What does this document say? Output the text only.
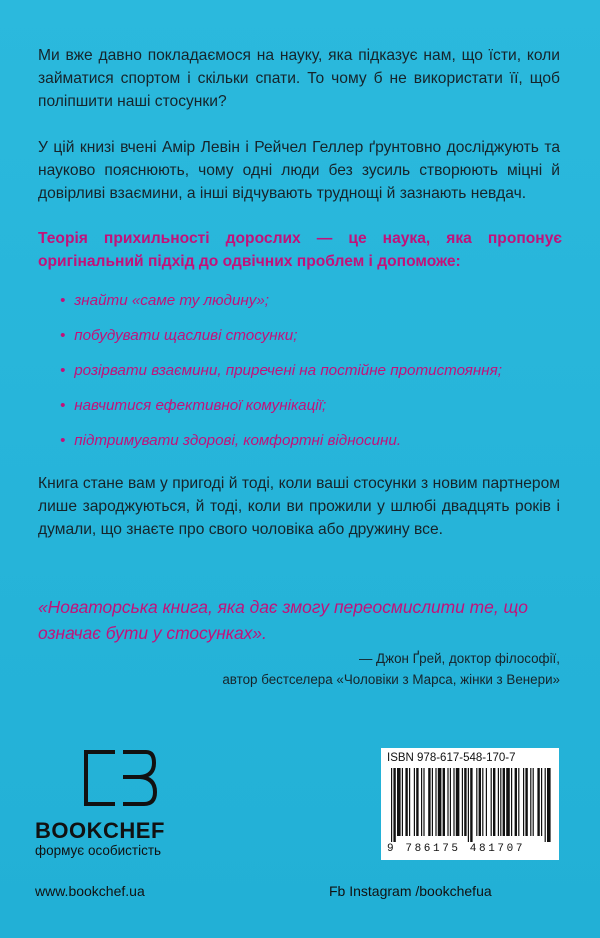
Ми вже давно покладаємося на науку, яка підказує нам, що їсти, коли займатися спортом і скільки спати. То чому б не використати її, щоб поліпшити наші стосунки?

У цій книзі вчені Амір Левін і Рейчел Геллер ґрунтовно досліджують та науково пояснюють, чому одні люди без зусиль створюють міцні й довірливі взаємини, а інші відчувають труднощі й зазнають невдач.

Теорія прихильності дорослих — це наука, яка пропонує оригінальний підхід до одвічних проблем і допоможе:

• знайти «саме ту людину»;
• побудувати щасливі стосунки;
• розірвати взаємини, приречені на постійне протистояння;
• навчитися ефективної комунікації;
• підтримувати здорові, комфортні відносини.

Книга стане вам у пригоді й тоді, коли ваші стосунки з новим партнером лише зароджуються, й тоді, коли ви прожили у шлюбі двадцять років і думали, що знаєте про свого чоловіка або дружину все.

«Новаторська книга, яка дає змогу переосмислити те, що означає бути у стосунках».

— Джон Ґрей, доктор філософії,
автор бестселера «Чоловіки з Марса, жінки з Венери»
BOOKCHEF
формує особистість
ISBN 978-617-548-170-7
9 786175 481707
www.bookchef.ua	Fb Instagram /bookchefua
